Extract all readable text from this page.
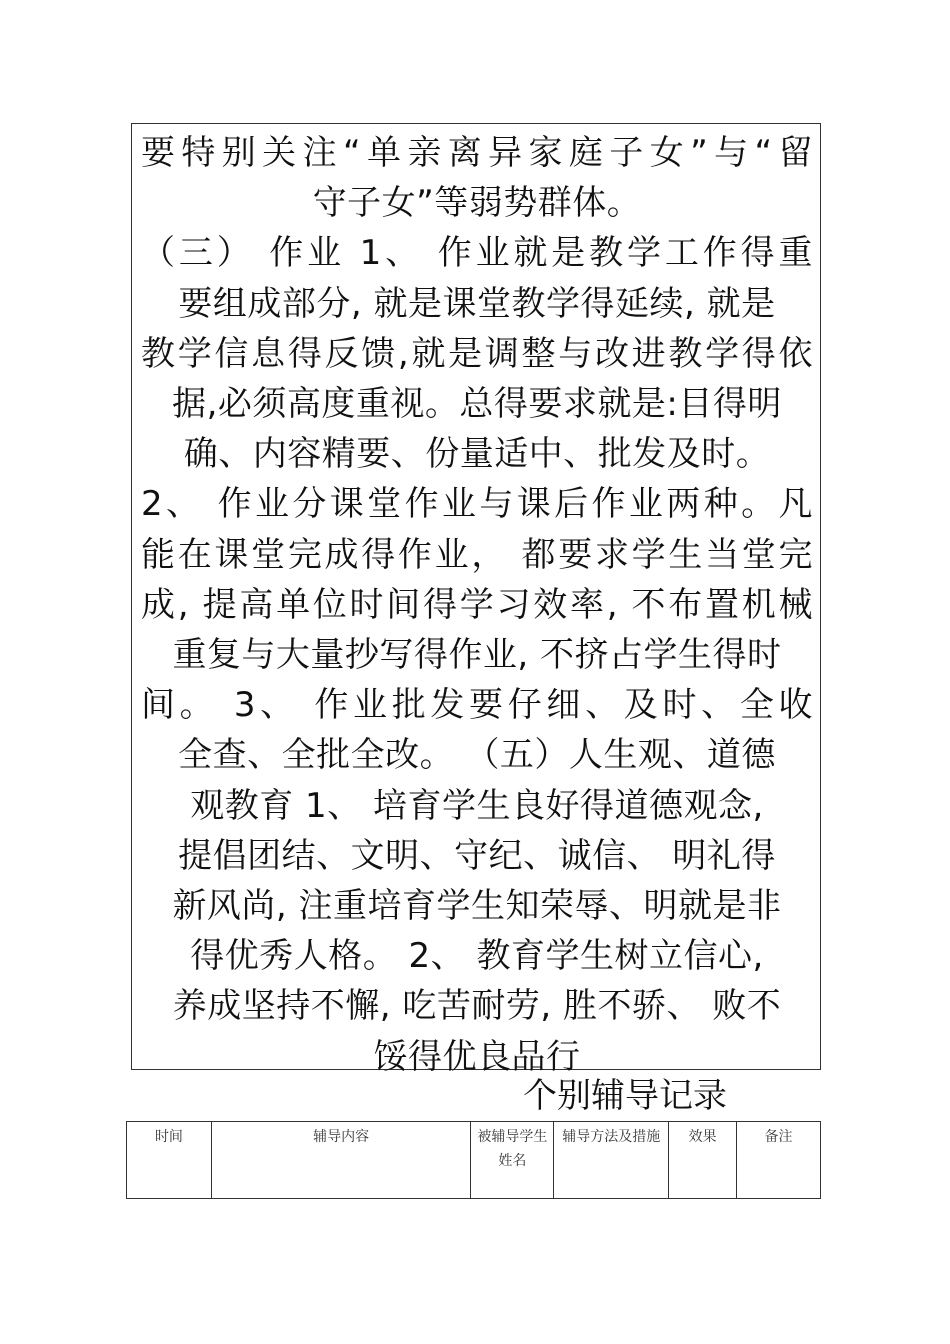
要特别关注“单亲离异家庭子女”与“留
守子女”等弱势群体。
（三） 作业 1、 作业就是教学工作得重
要组成部分, 就是课堂教学得延续, 就是
教学信息得反馈,就是调整与改进教学得依
据,必须高度重视。总得要求就是:目得明
确、内容精要、份量适中、批发及时。
2、 作业分课堂作业与课后作业两种。凡
能在课堂完成得作业， 都要求学生当堂完
成, 提高单位时间得学习效率, 不布置机械
重复与大量抄写得作业, 不挤占学生得时
间。 3、 作业批发要仔细、及时、全收
全查、全批全改。 （五）人生观、道德
观教育 1、 培育学生良好得道德观念,
提倡团结、文明、守纪、诚信、 明礼得
新风尚, 注重培育学生知荣辱、明就是非
得优秀人格。 2、 教育学生树立信心,
养成坚持不懈, 吃苦耐劳, 胜不骄、 败不
馁得优良品行
个别辅导记录
时间	辅导内容	被辅导学生姓名	辅导方法及措施	效果	备注
